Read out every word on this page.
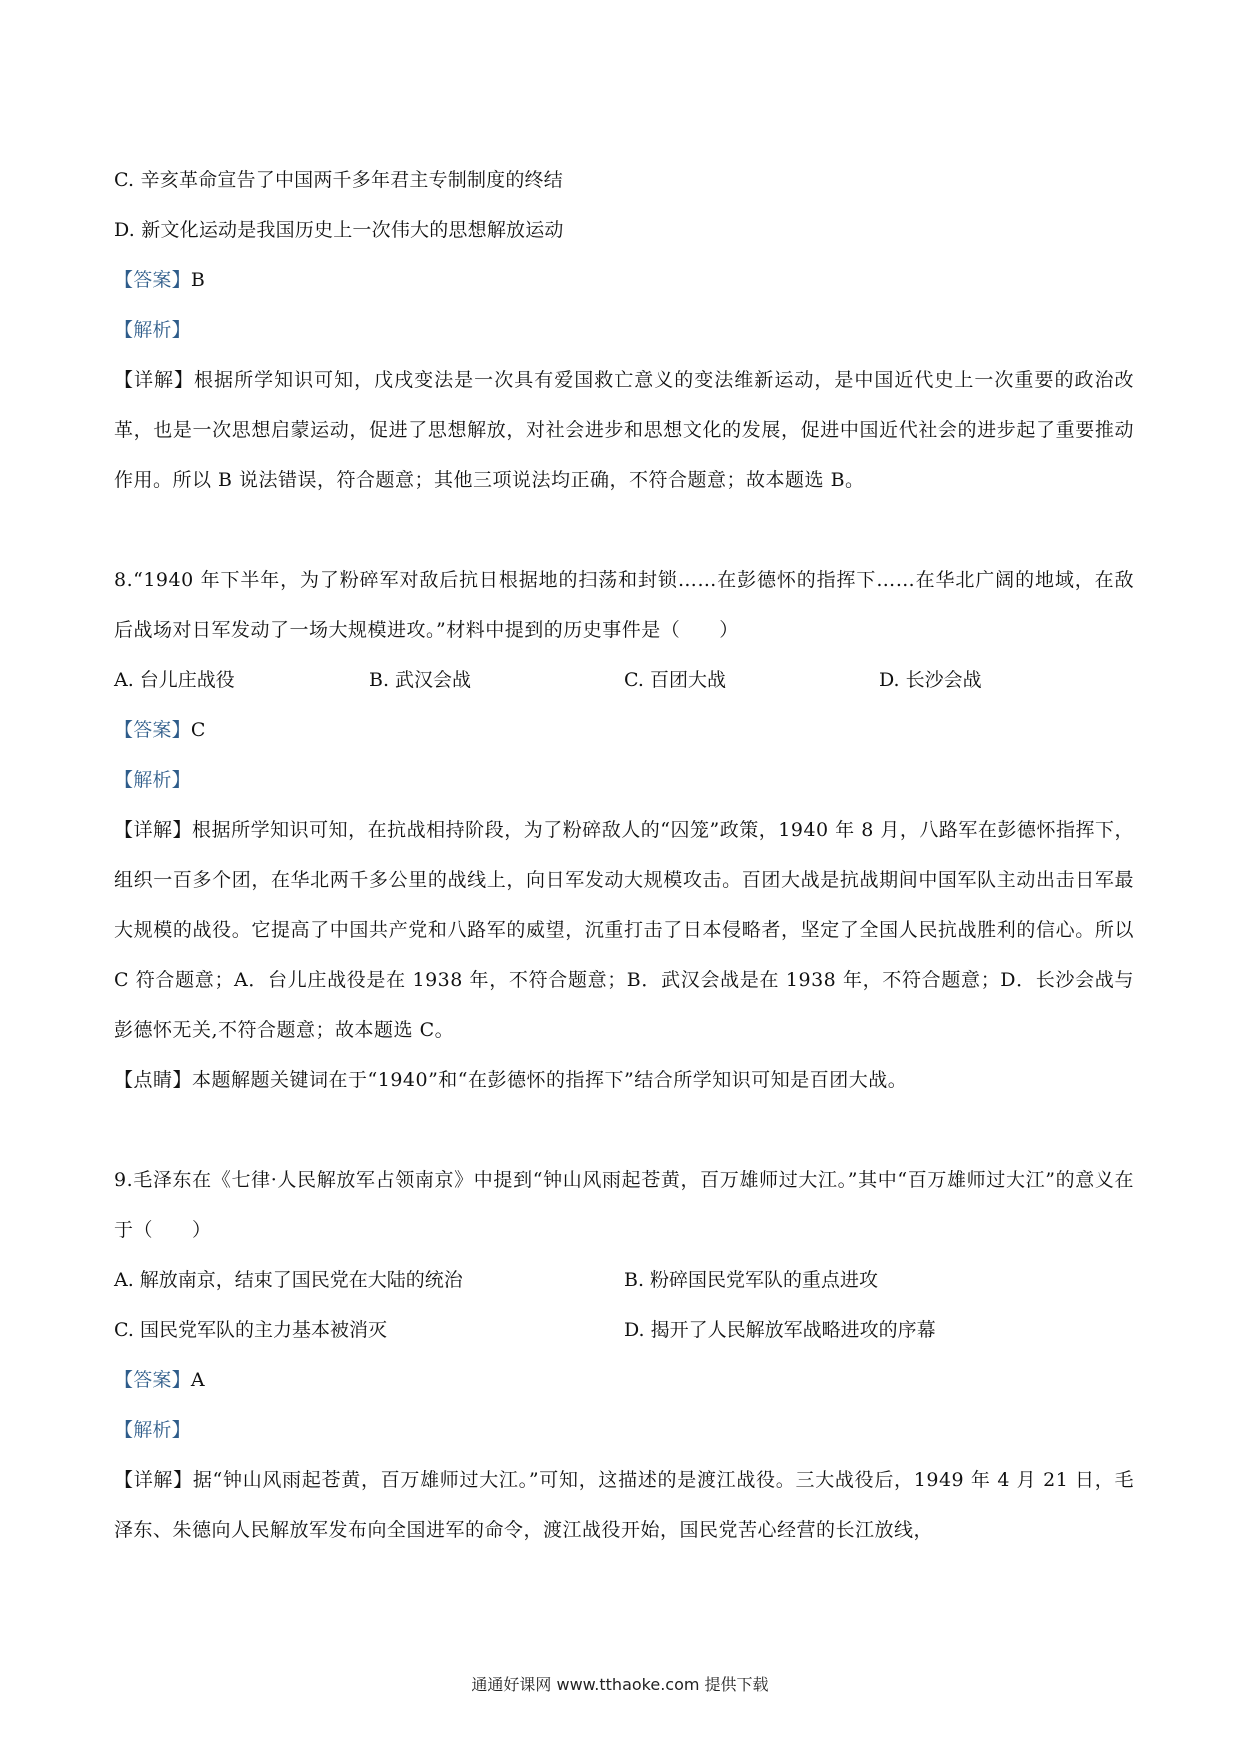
C. 辛亥革命宣告了中国两千多年君主专制制度的终结
D. 新文化运动是我国历史上一次伟大的思想解放运动
【答案】B
【解析】
【详解】根据所学知识可知，戊戌变法是一次具有爱国救亡意义的变法维新运动，是中国近代史上一次重要的政治改革，也是一次思想启蒙运动，促进了思想解放，对社会进步和思想文化的发展，促进中国近代社会的进步起了重要推动作用。所以 B 说法错误，符合题意；其他三项说法均正确，不符合题意；故本题选 B。
8.“1940 年下半年，为了粉碎军对敌后抗日根据地的扫荡和封锁……在彭德怀的指挥下……在华北广阔的地域，在敌后战场对日军发动了一场大规模进攻。”材料中提到的历史事件是（　　）
A. 台儿庄战役	B. 武汉会战	C. 百团大战	D. 长沙会战
【答案】C
【解析】
【详解】根据所学知识可知，在抗战相持阶段，为了粉碎敌人的“囚笼”政策，1940 年 8 月，八路军在彭德怀指挥下，组织一百多个团，在华北两千多公里的战线上，向日军发动大规模攻击。百团大战是抗战期间中国军队主动出击日军最大规模的战役。它提高了中国共产党和八路军的威望，沉重打击了日本侵略者，坚定了全国人民抗战胜利的信心。所以 C 符合题意；A．台儿庄战役是在 1938 年，不符合题意；B．武汉会战是在 1938 年，不符合题意；D．长沙会战与彭德怀无关,不符合题意；故本题选 C。
【点睛】本题解题关键词在于“1940”和“在彭德怀的指挥下”结合所学知识可知是百团大战。
9.毛泽东在《七律·人民解放军占领南京》中提到“钟山风雨起苍黄，百万雄师过大江。”其中“百万雄师过大江”的意义在于（　　）
A. 解放南京，结束了国民党在大陆的统治	B. 粉碎国民党军队的重点进攻
C. 国民党军队的主力基本被消灭	D. 揭开了人民解放军战略进攻的序幕
【答案】A
【解析】
【详解】据“钟山风雨起苍黄，百万雄师过大江。”可知，这描述的是渡江战役。三大战役后，1949 年 4 月 21 日，毛泽东、朱德向人民解放军发布向全国进军的命令，渡江战役开始，国民党苦心经营的长江放线，
通通好课网 www.tthaoke.com 提供下载
